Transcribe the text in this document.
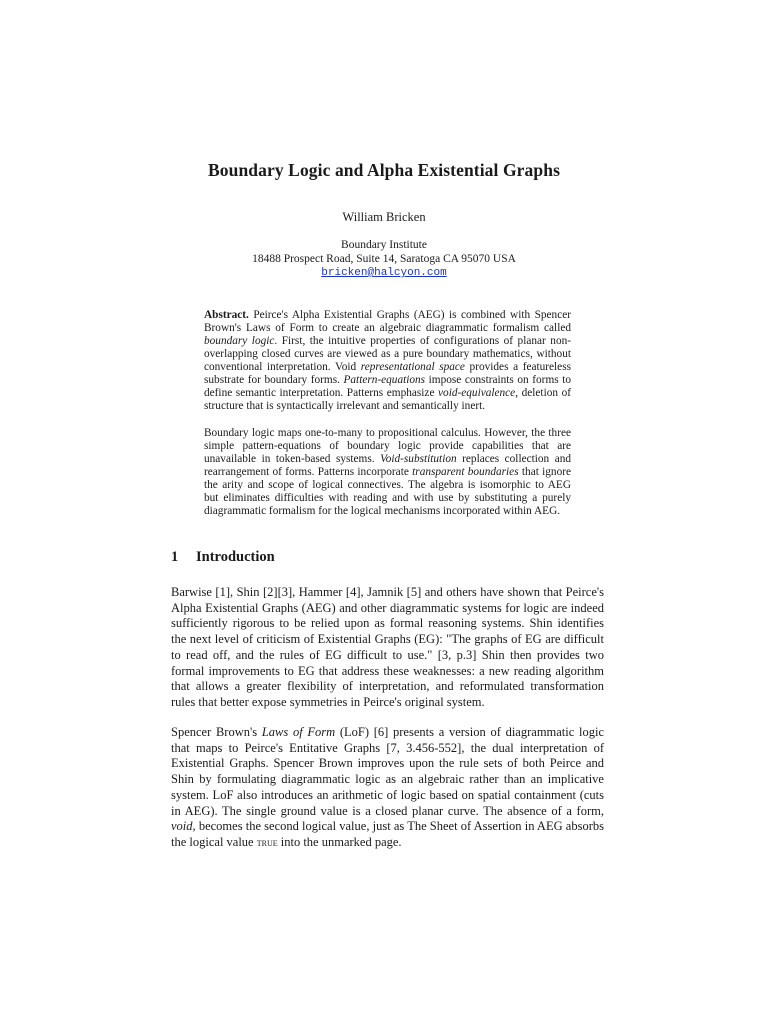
Boundary Logic and Alpha Existential Graphs
William Bricken
Boundary Institute
18488 Prospect Road, Suite 14, Saratoga CA 95070 USA
bricken@halcyon.com
Abstract. Peirce's Alpha Existential Graphs (AEG) is combined with Spencer
Brown's Laws of Form to create an algebraic diagrammatic formalism called
boundary logic. First, the intuitive properties of configurations of planar non-
overlapping closed curves are viewed as a pure boundary mathematics, without
conventional interpretation. Void representational space provides a featureless
substrate for boundary forms. Pattern-equations impose constraints on forms to
define semantic interpretation. Patterns emphasize void-equivalence, deletion of
structure that is syntactically irrelevant and semantically inert.
Boundary logic maps one-to-many to propositional calculus. However, the three
simple pattern-equations of boundary logic provide capabilities that are
unavailable in token-based systems. Void-substitution replaces collection and
rearrangement of forms. Patterns incorporate transparent boundaries that ignore
the arity and scope of logical connectives. The algebra is isomorphic to AEG
but eliminates difficulties with reading and with use by substituting a purely
diagrammatic formalism for the logical mechanisms incorporated within AEG.
1 Introduction
Barwise [1], Shin [2][3], Hammer [4], Jamnik [5] and others have shown that Peirce's
Alpha Existential Graphs (AEG) and other diagrammatic systems for logic are indeed
sufficiently rigorous to be relied upon as formal reasoning systems. Shin identifies
the next level of criticism of Existential Graphs (EG): "The graphs of EG are difficult
to read off, and the rules of EG difficult to use." [3, p.3] Shin then provides two
formal improvements to EG that address these weaknesses: a new reading algorithm
that allows a greater flexibility of interpretation, and reformulated transformation
rules that better expose symmetries in Peirce's original system.
Spencer Brown's Laws of Form (LoF) [6] presents a version of diagrammatic logic
that maps to Peirce's Entitative Graphs [7, 3.456-552], the dual interpretation of
Existential Graphs. Spencer Brown improves upon the rule sets of both Peirce and
Shin by formulating diagrammatic logic as an algebraic rather than an implicative
system. LoF also introduces an arithmetic of logic based on spatial containment (cuts
in AEG). The single ground value is a closed planar curve. The absence of a form,
void, becomes the second logical value, just as The Sheet of Assertion in AEG absorbs
the logical value true into the unmarked page.
